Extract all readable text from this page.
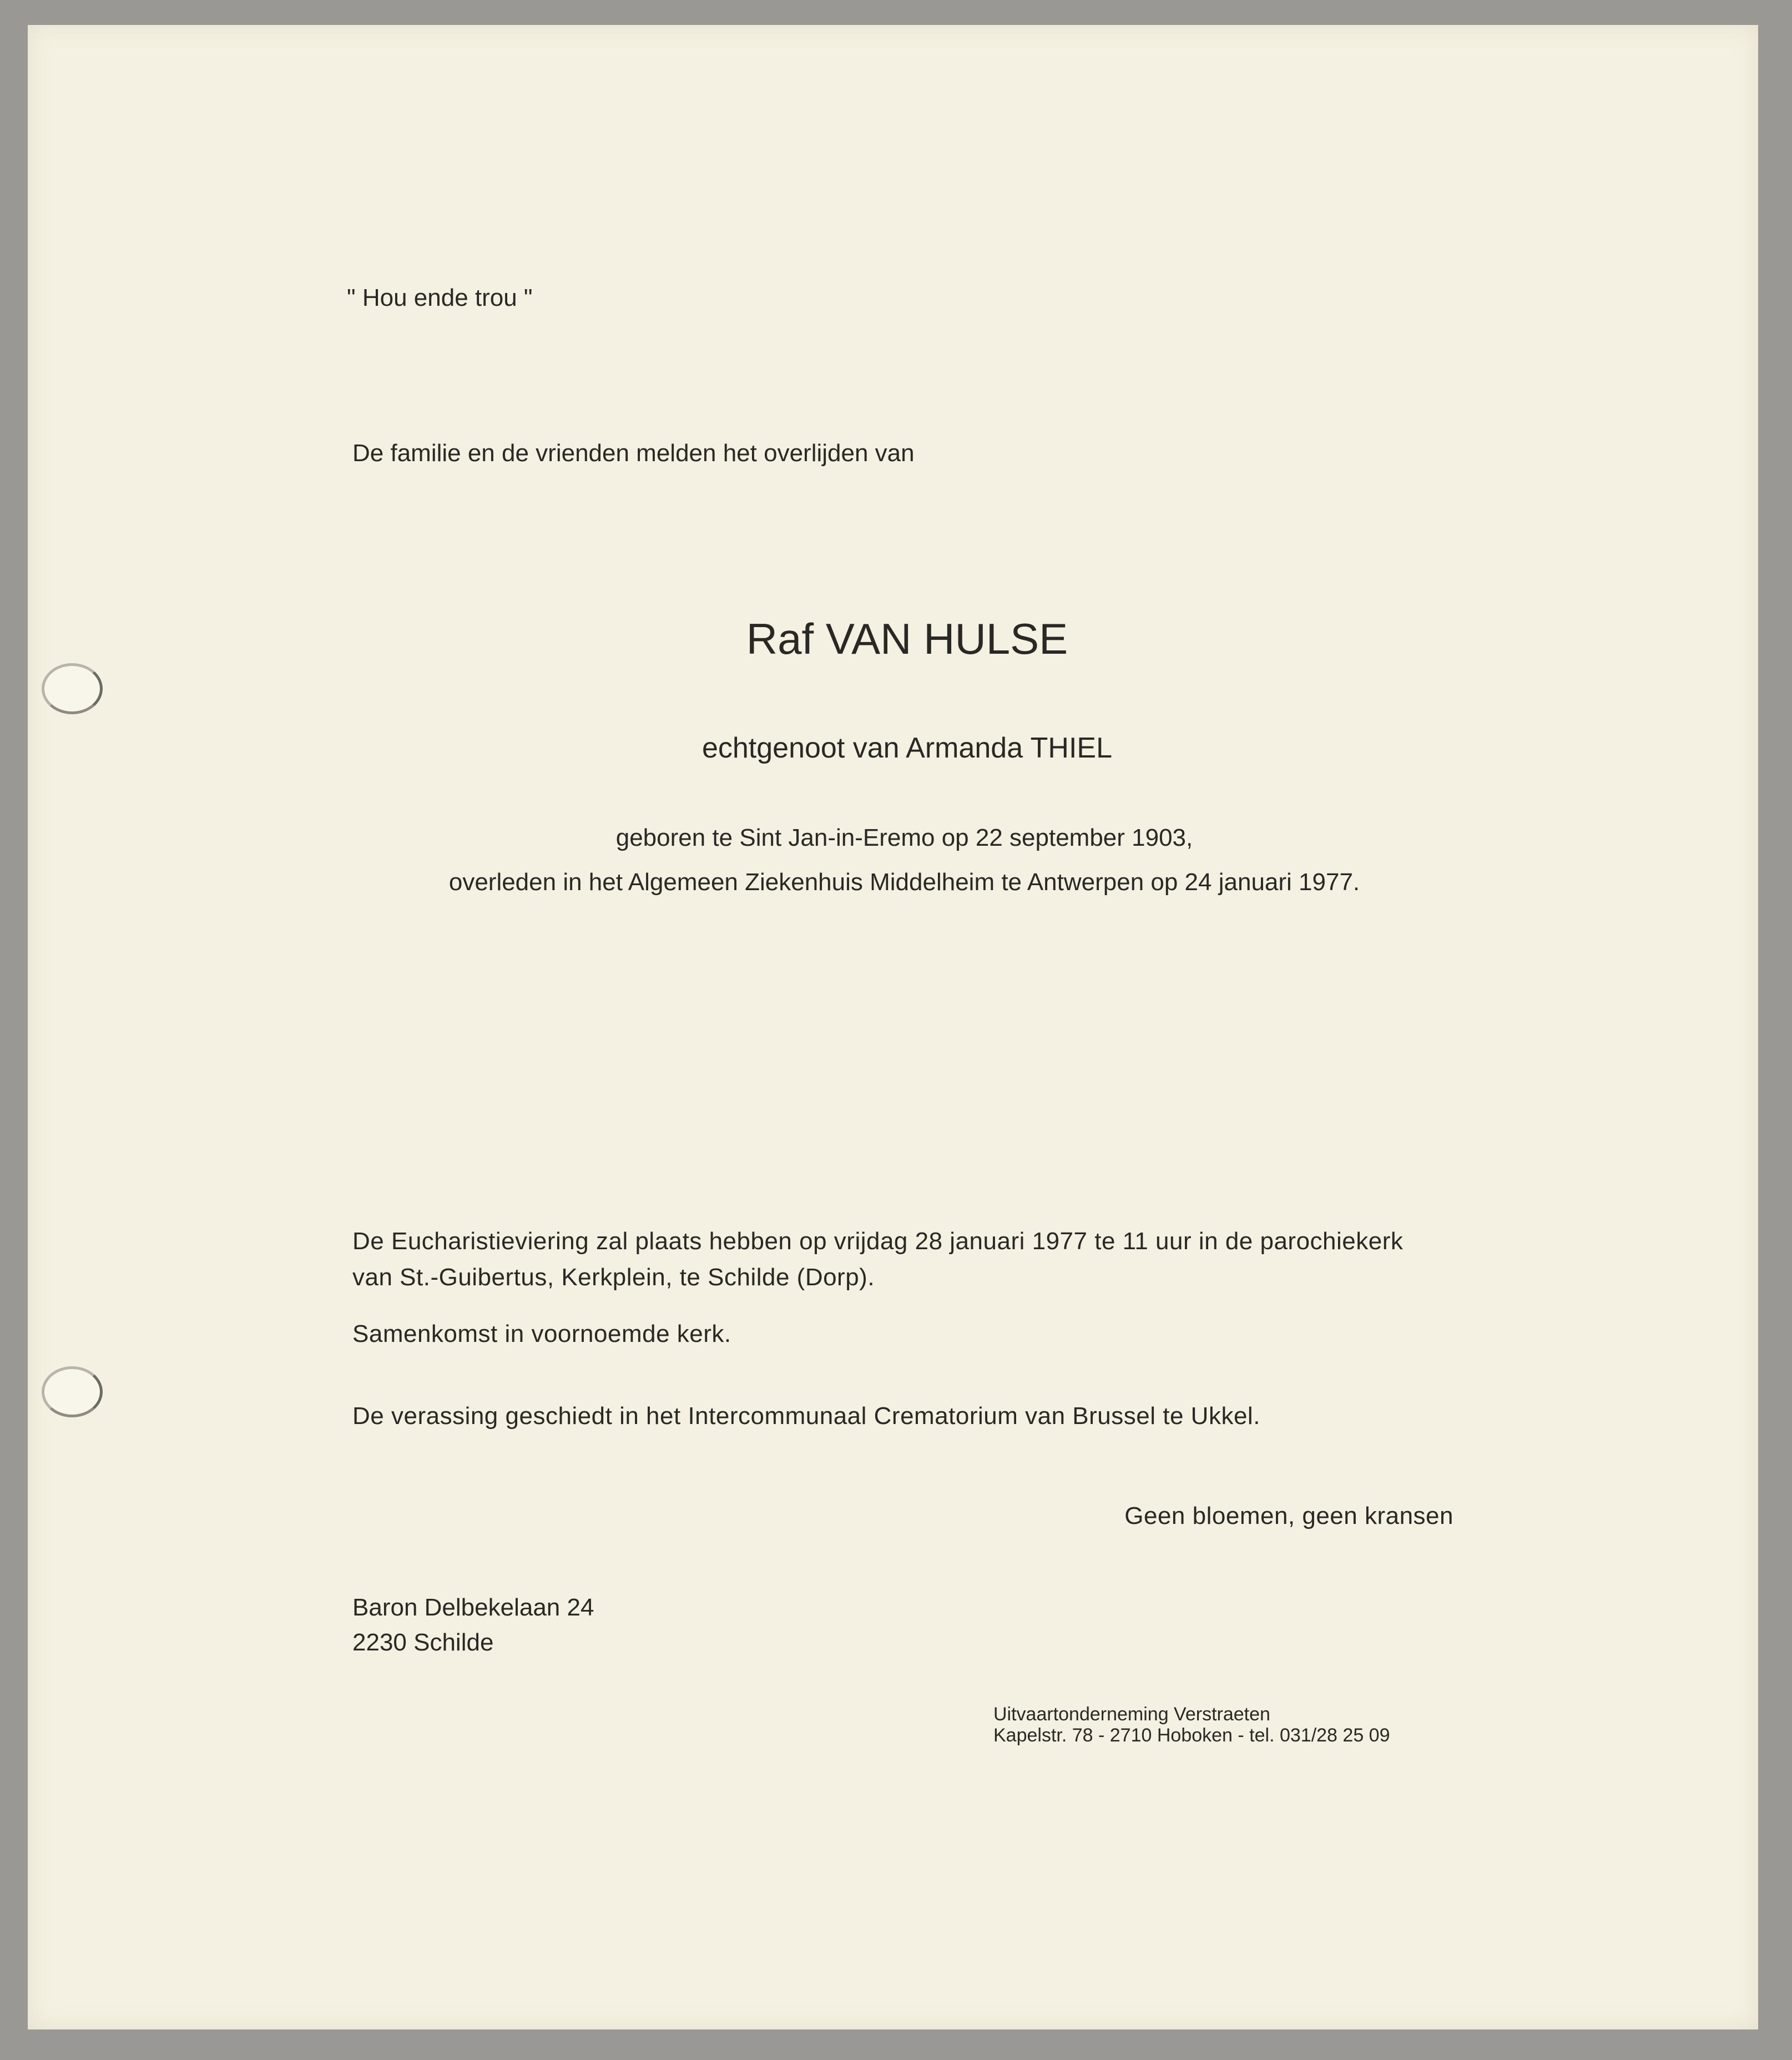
" Hou ende trou "
De familie en de vrienden melden het overlijden van
Raf VAN HULSE
echtgenoot van Armanda THIEL
geboren te Sint Jan-in-Eremo op 22 september 1903,
overleden in het Algemeen Ziekenhuis Middelheim te Antwerpen op 24 januari 1977.
De Eucharistieviering zal plaats hebben op vrijdag 28 januari 1977 te 11 uur in de parochiekerk
van St.-Guibertus, Kerkplein, te Schilde (Dorp).
Samenkomst in voornoemde kerk.
De verassing geschiedt in het Intercommunaal Crematorium van Brussel te Ukkel.
Geen bloemen, geen kransen
Baron Delbekelaan 24
2230 Schilde
Uitvaartonderneming Verstraeten
Kapelstr. 78 - 2710 Hoboken - tel. 031/28 25 09
